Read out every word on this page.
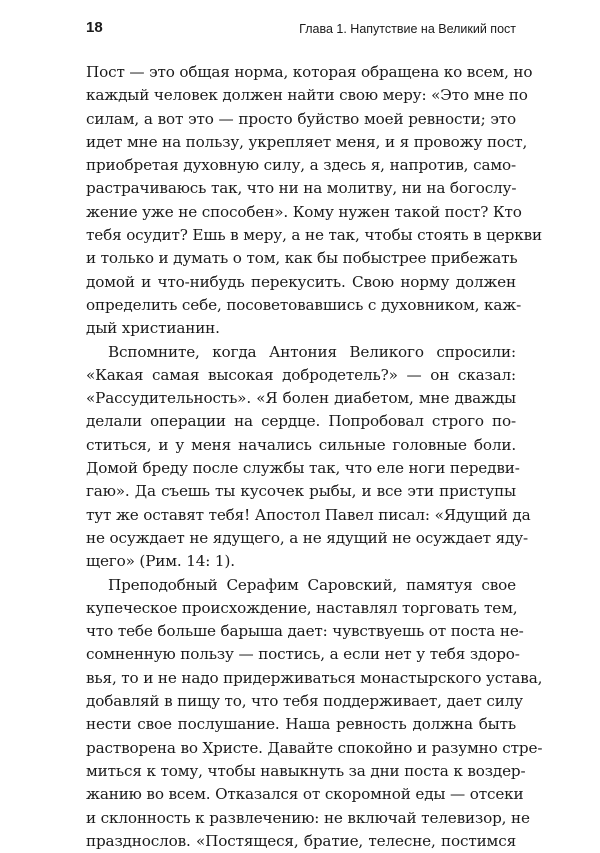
18	Глава 1. Напутствие на Великий пост
Пост — это общая норма, которая обращена ко всем, но
каждый человек должен найти свою меру: «Это мне по
силам, а вот это — просто буйство моей ревности; это
идет мне на пользу, укрепляет меня, и я провожу пост,
приобретая духовную силу, а здесь я, напротив, само-
растрачиваюсь так, что ни на молитву, ни на богослу-
жение уже не способен». Кому нужен такой пост? Кто
тебя осудит? Ешь в меру, а не так, чтобы стоять в церкви
и только и думать о том, как бы побыстрее прибежать
домой и что-нибудь перекусить. Свою норму должен
определить себе, посоветовавшись с духовником, каж-
дый христианин.
Вспомните, когда Антония Великого спросили:
«Какая самая высокая добродетель?» — он сказал:
«Рассудительность». «Я болен диабетом, мне дважды
делали операции на сердце. Попробовал строго по-
ститься, и у меня начались сильные головные боли.
Домой бреду после службы так, что еле ноги передви-
гаю». Да съешь ты кусочек рыбы, и все эти приступы
тут же оставят тебя! Апостол Павел писал: «Ядущий да
не осуждает не ядущего, а не ядущий не осуждает яду-
щего» (Рим. 14: 1).
Преподобный Серафим Саровский, памятуя свое
купеческое происхождение, наставлял торговать тем,
что тебе больше барыша дает: чувствуешь от поста не-
сомненную пользу — постись, а если нет у тебя здоро-
вья, то и не надо придерживаться монастырского устава,
добавляй в пищу то, что тебя поддерживает, дает силу
нести свое послушание. Наша ревность должна быть
растворена во Христе. Давайте спокойно и разумно стре-
миться к тому, чтобы навыкнуть за дни поста к воздер-
жанию во всем. Отказался от скоромной еды — отсеки
и склонность к развлечению: не включай телевизор, не
празднослов. «Постящеся, братие, телесне, постимся
